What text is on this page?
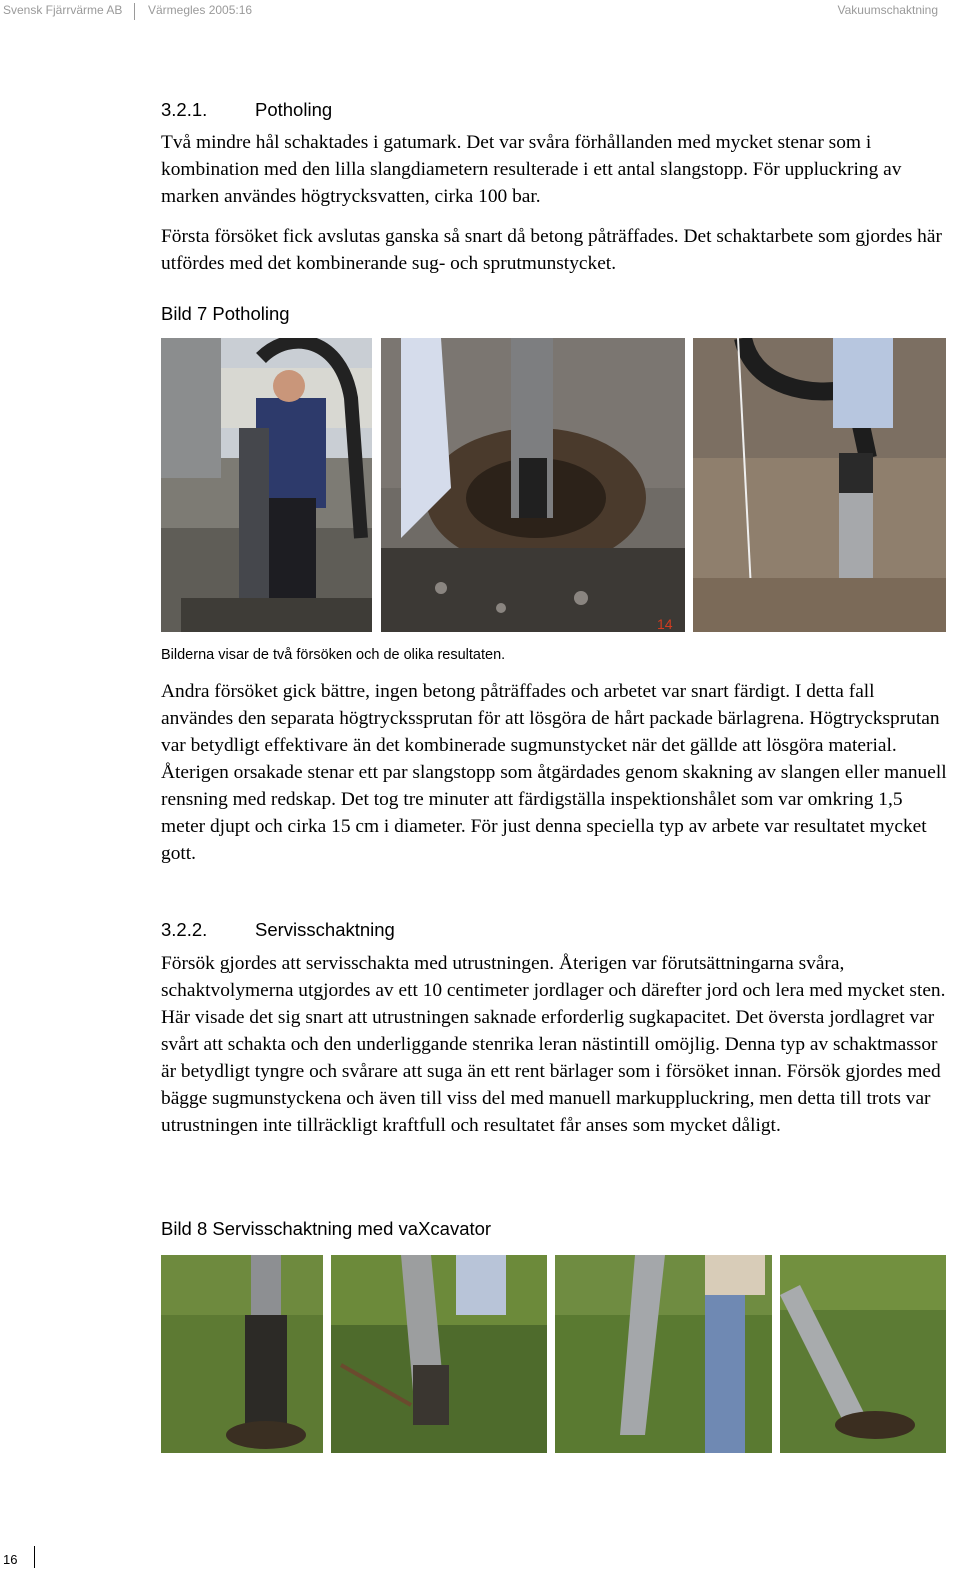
Svensk Fjärrvärme AB Värmegles 2005:16	Vakuumschaktning
3.2.1.	Potholing

Två mindre hål schaktades i gatumark. Det var svåra förhållanden med mycket stenar som i kombination med den lilla slangdiametern resulterade i ett antal slangstopp. För uppluckring av marken användes högtrycksvatten, cirka 100 bar.

Första försöket fick avslutas ganska så snart då betong påträffades. Det schaktarbete som gjordes här utfördes med det kombinerande sug- och sprutmunstycket.

Bild 7 Potholing
14
Bilderna visar de två försöken och de olika resultaten.

Andra försöket gick bättre, ingen betong påträffades och arbetet var snart färdigt. I detta fall användes den separata högtryckssprutan för att lösgöra de hårt packade bärlagrena. Högtrycksprutan var betydligt effektivare än det kombinerade sugmunstycket när det gällde att lösgöra material. Återigen orsakade stenar ett par slangstopp som åtgärdades genom skakning av slangen eller manuell rensning med redskap. Det tog tre minuter att färdigställa inspektionshålet som var omkring 1,5 meter djupt och cirka 15 cm i diameter. För just denna speciella typ av arbete var resultatet mycket gott.

3.2.2.	Servisschaktning

Försök gjordes att servisschakta med utrustningen. Återigen var förutsättningarna svåra, schaktvolymerna utgjordes av ett 10 centimeter jordlager och därefter jord och lera med mycket sten. Här visade det sig snart att utrustningen saknade erforderlig sugkapacitet. Det översta jordlagret var svårt att schakta och den underliggande stenrika leran nästintill omöjlig. Denna typ av schaktmassor är betydligt tyngre och svårare att suga än ett rent bärlager som i försöket innan. Försök gjordes med bägge sugmunstyckena och även till viss del med manuell markuppluckring, men detta till trots var utrustningen inte tillräckligt kraftfull och resultatet får anses som mycket dåligt.

Bild 8 Servisschaktning med vaXcavator
16
